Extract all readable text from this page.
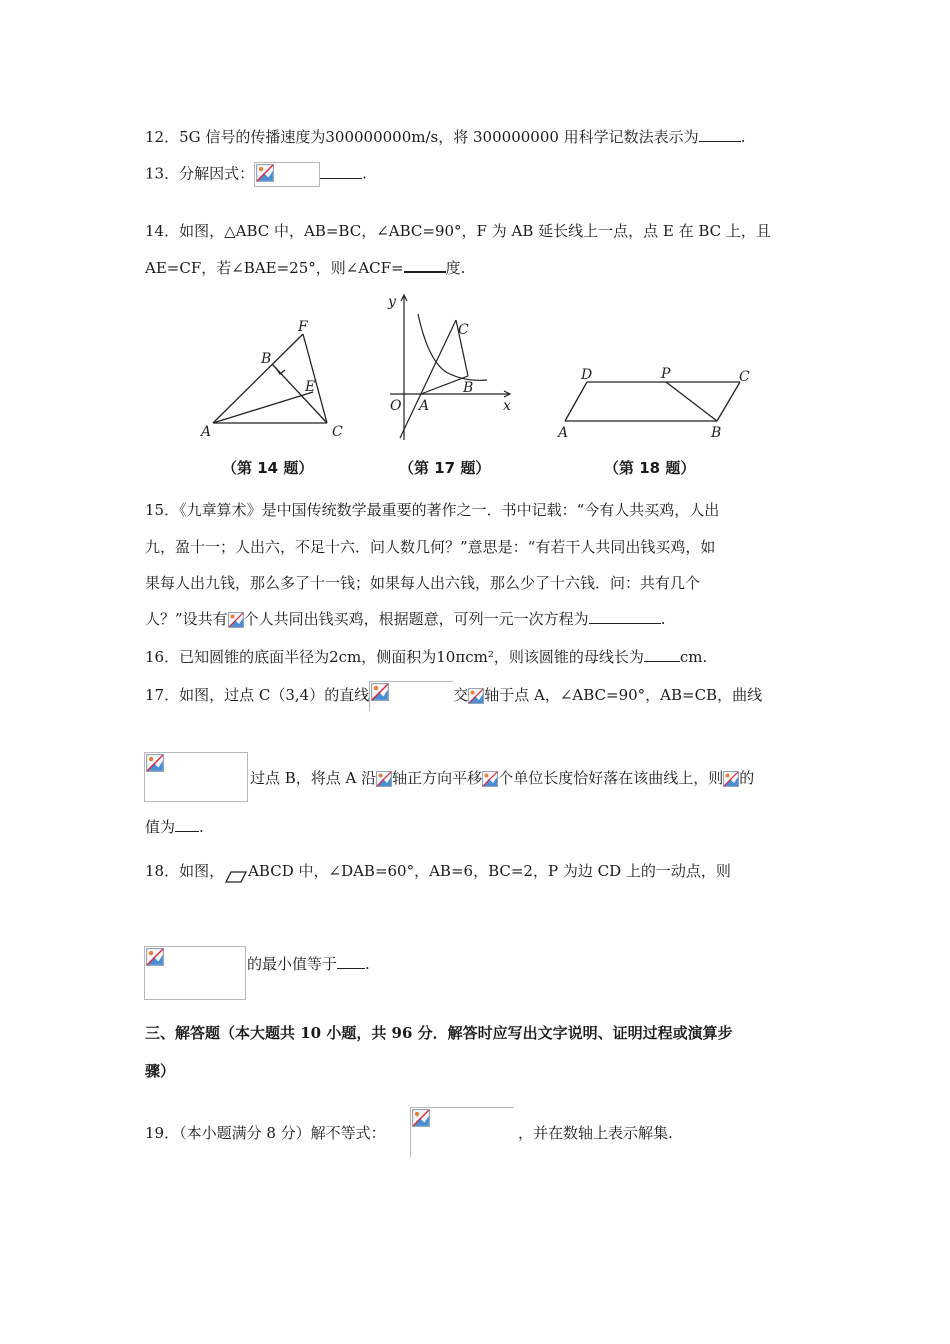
12．5G 信号的传播速度为300000000m/s，将 300000000 用科学记数法表示为	.
13．分解因式：	.
14．如图，△ABC 中，AB=BC，∠ABC=90°，F 为 AB 延长线上一点，点 E 在 BC 上，且
AE=CF，若∠BAE=25°，则∠ACF=	度.
F
B
E
A	C
（第 14 题）
y
C
B
O A	x
（第 17 题）
D	P	C
A	B
（第 18 题）
15．《九章算术》是中国传统数学最重要的著作之一．书中记载：“今有人共买鸡，人出
九，盈十一；人出六，不足十六．问人数几何？”意思是：“有若干人共同出钱买鸡，如
果每人出九钱，那么多了十一钱；如果每人出六钱，那么少了十六钱．问：共有几个
人？”设共有 个人共同出钱买鸡，根据题意，可列一元一次方程为	.
16．已知圆锥的底面半径为2cm，侧面积为10πcm²，则该圆锥的母线长为 cm.
17．如图，过点 C（3,4）的直线	交 轴于点 A，∠ABC=90°，AB=CB，曲线
过点 B，将点 A 沿 轴正方向平移 个单位长度恰好落在该曲线上，则 的
值为 .
18．如图， ABCD 中，∠DAB=60°，AB=6，BC=2，P 为边 CD 上的一动点，则
的最小值等于 .
三、解答题（本大题共 10 小题，共 96 分．解答时应写出文字说明、证明过程或演算步
骤）
19．（本小题满分 8 分）解不等式：	，并在数轴上表示解集.
